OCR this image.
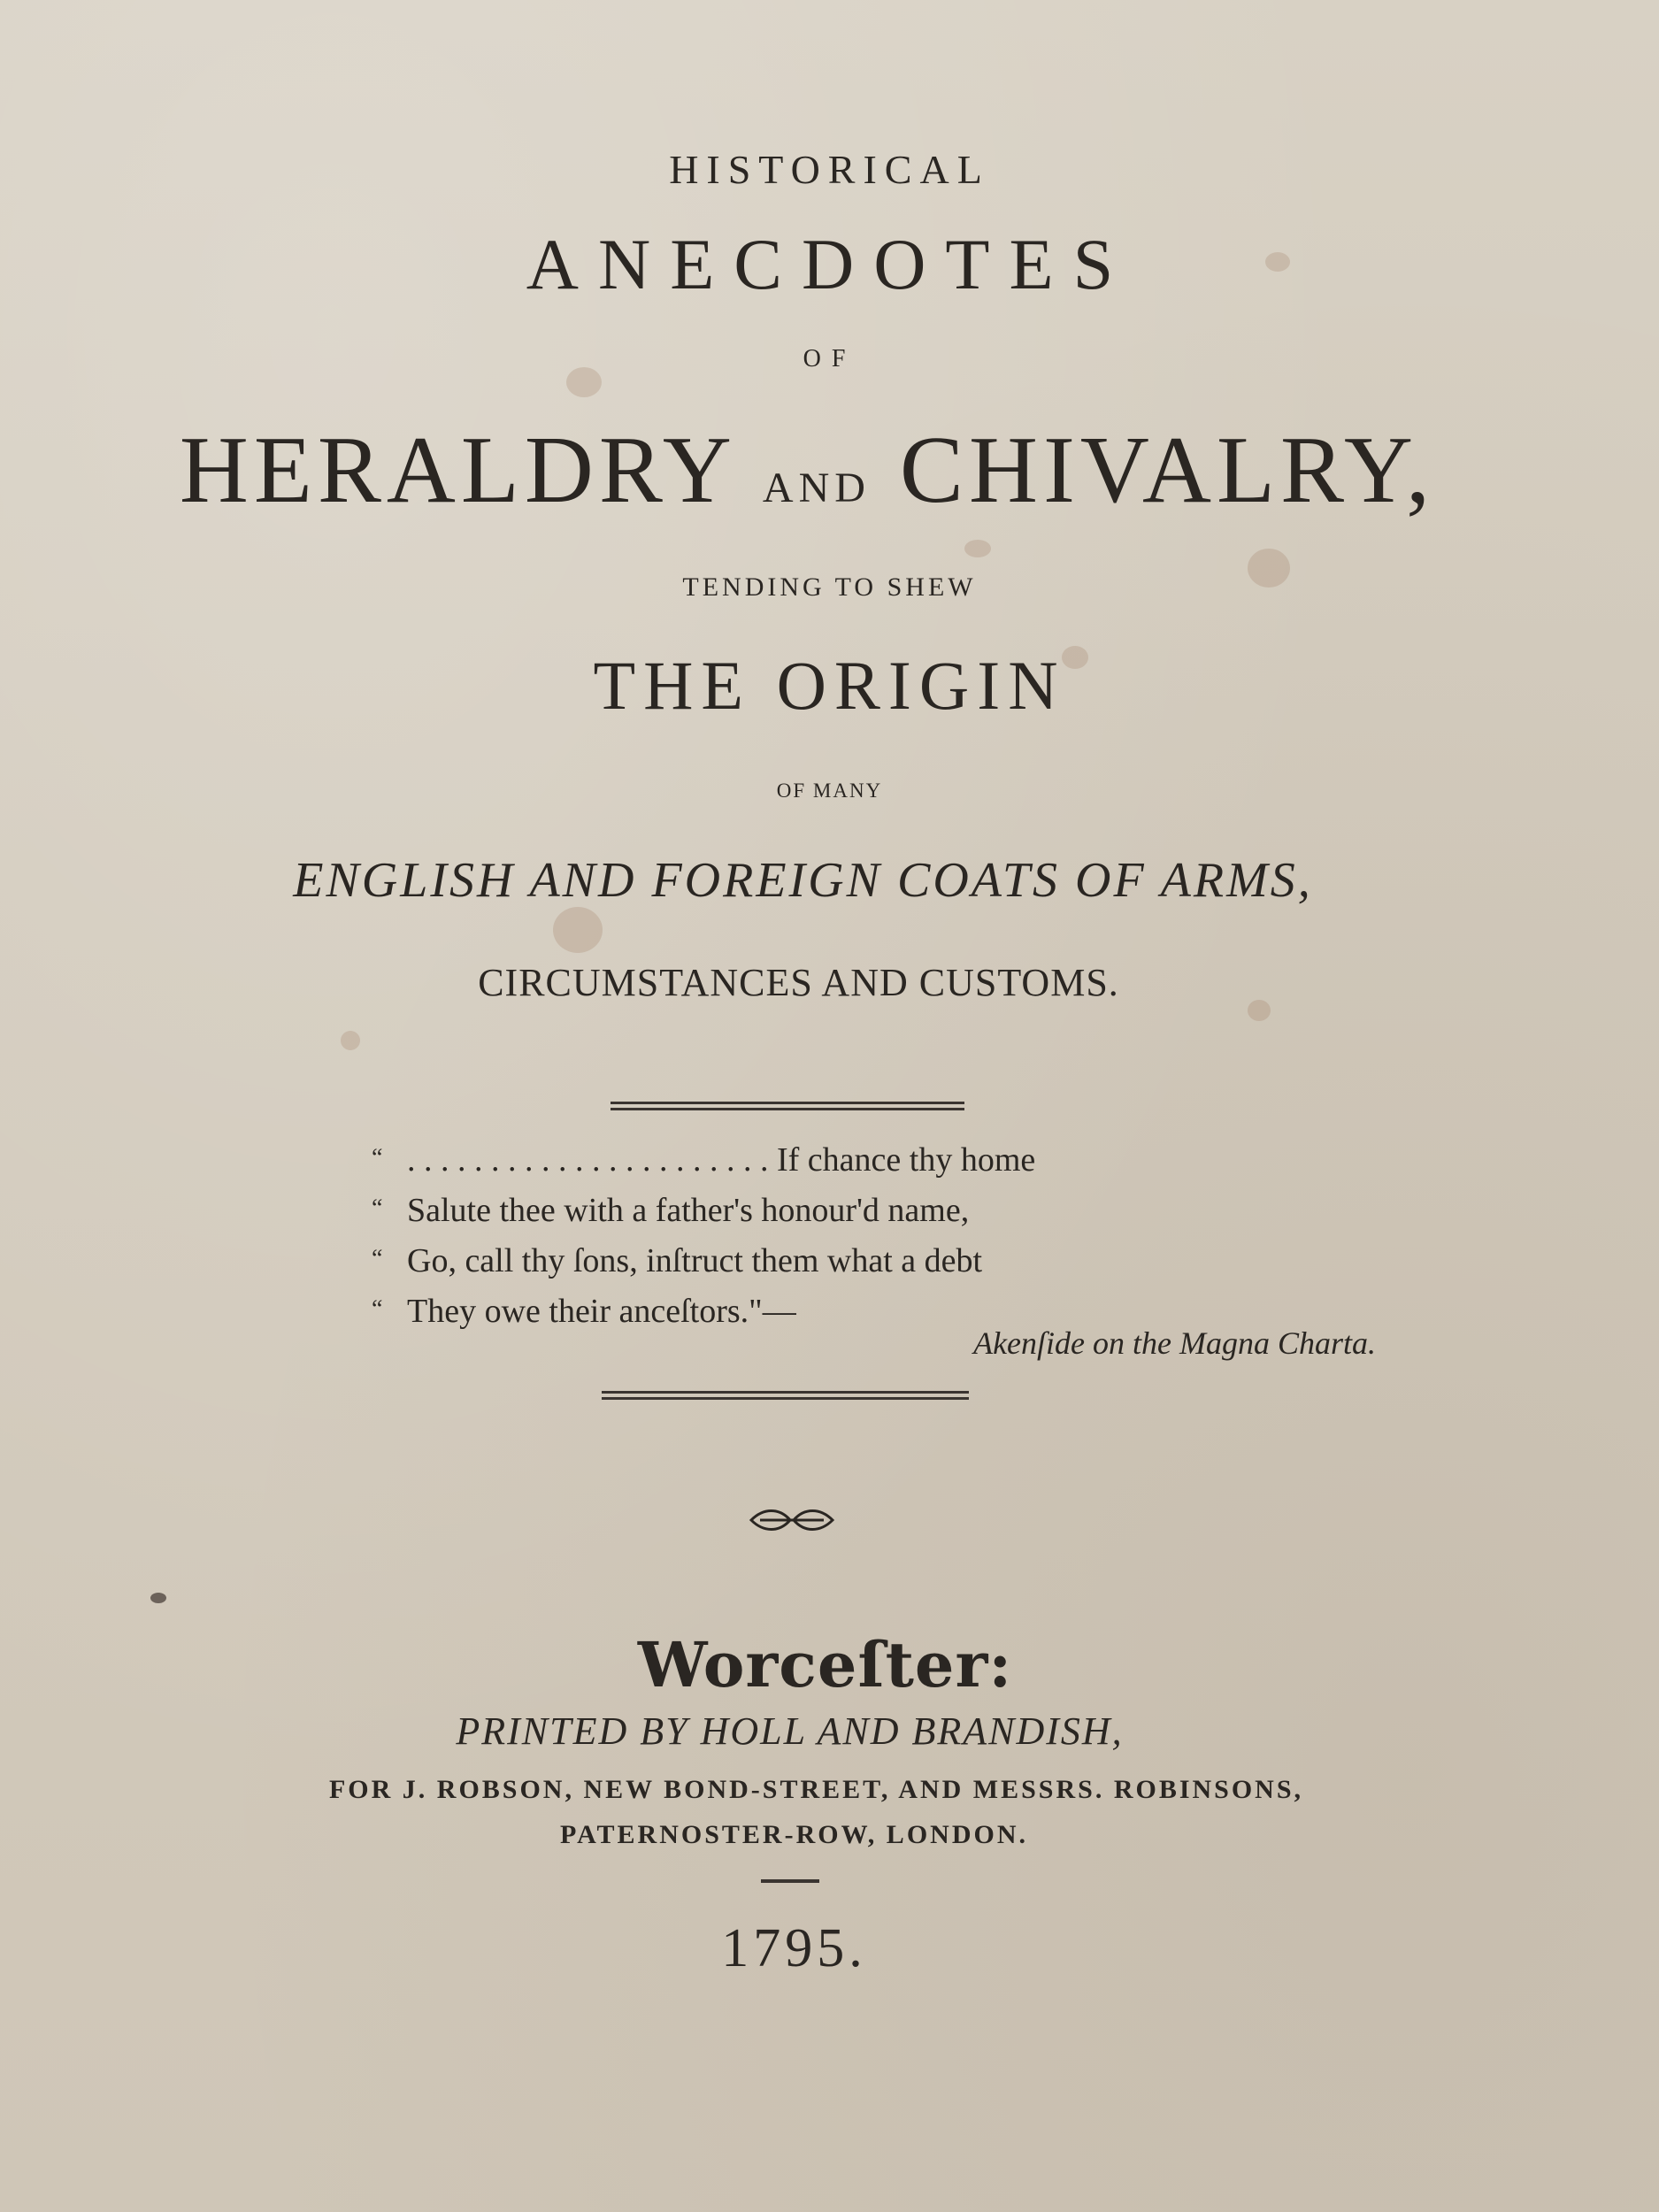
HISTORICAL

ANECDOTES

OF

HERALDRY AND CHIVALRY,

TENDING TO SHEW

THE ORIGIN

OF MANY

ENGLISH AND FOREIGN COATS OF ARMS,

CIRCUMSTANCES AND CUSTOMS.

“ . . . . . . . . . . . . . . . . . . . . . . If chance thy home

“ Salute thee with a father's honour'd name,

“ Go, call thy ſons, inſtruct them what a debt

“ They owe their anceſtors."—

Akenſide on the Magna Charta.

Worceſter:

PRINTED BY HOLL AND BRANDISH,

FOR J. ROBSON, NEW BOND-STREET, AND MESSRS. ROBINSONS,

PATERNOSTER-ROW, LONDON.

1795.
